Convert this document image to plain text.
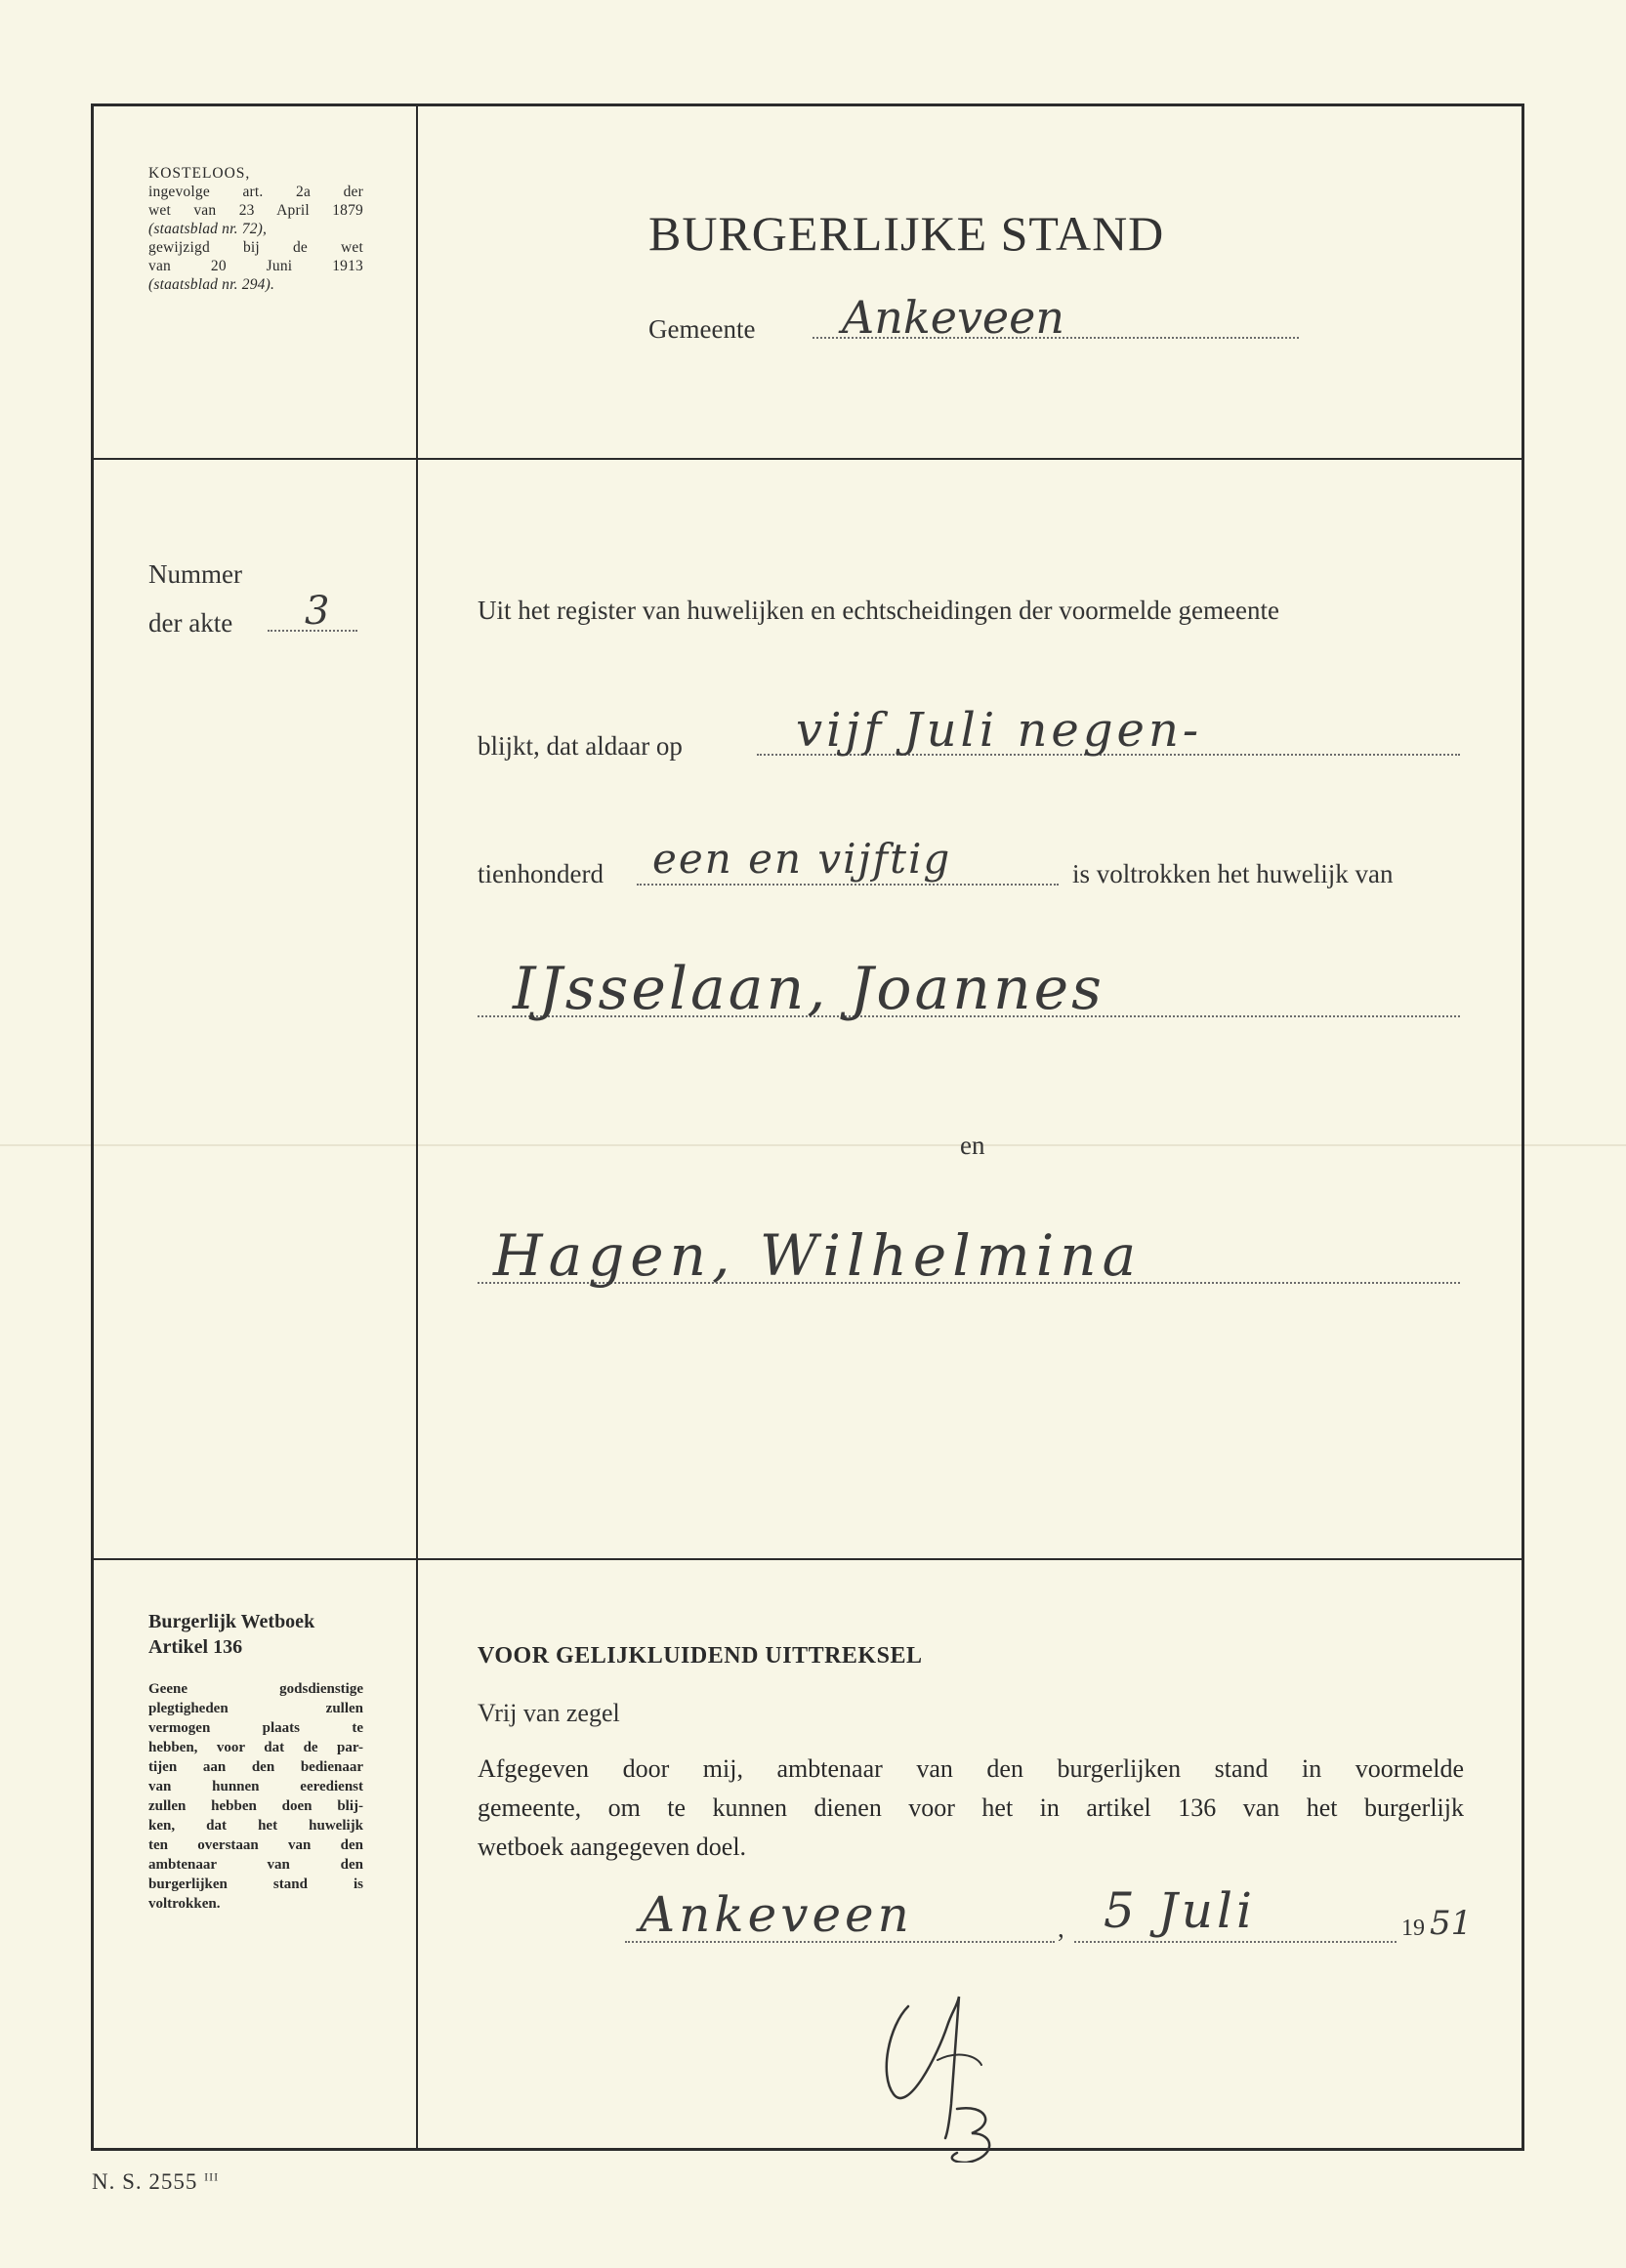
KOSTELOOS,
ingevolge art. 2a der
wet van 23 April 1879
(staatsblad nr. 72),
gewijzigd bij de wet
van 20 Juni 1913
(staatsblad nr. 294).
BURGERLIJKE STAND
Gemeente Ankeveen
Nummer
der akte 3	Uit het register van huwelijken en echtscheidingen der voormelde gemeente
blijkt, dat aldaar op vijf Juli negen-
tienhonderd een en vijftig	is voltrokken het huwelijk van
IJsselaan, Joannes
en
Hagen, Wilhelmina
Burgerlijk Wetboek
Artikel 136
Geene godsdienstige
plegtigheden zullen
vermogen plaats te
hebben, voor dat de par-
tijen aan den bedienaar
van hunnen eeredienst
zullen hebben doen blij-
ken, dat het huwelijk
ten overstaan van den
ambtenaar van den
burgerlijken stand is
voltrokken.
VOOR GELIJKLUIDEND UITTREKSEL
Vrij van zegel
Afgegeven door mij, ambtenaar van den burgerlijken stand in voormelde
gemeente, om te kunnen dienen voor het in artikel 136 van het burgerlijk
wetboek aangegeven doel.
Ankeveen	, 5 Juli	19 51
N. S. 2555 $^{III}$
